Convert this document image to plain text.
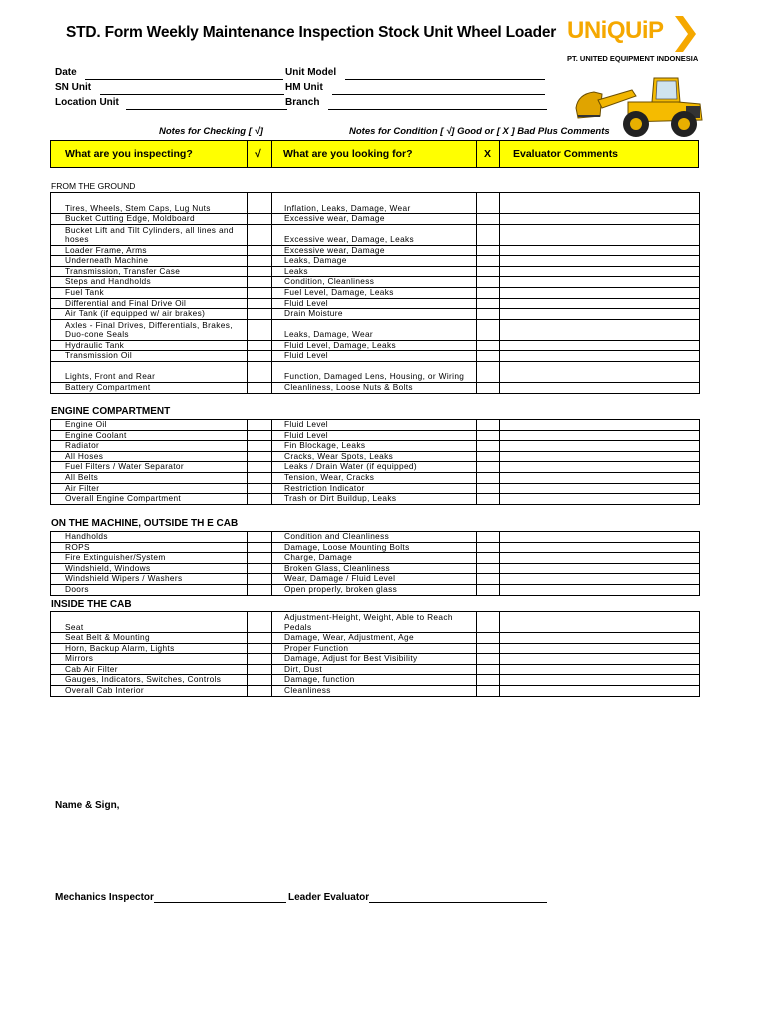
STD. Form Weekly Maintenance Inspection Stock Unit Wheel Loader UNiQUiP
PT. UNITED EQUIPMENT INDONESIA
Date
SN Unit
Location Unit
Unit Model
HM Unit
Branch
Notes for Checking [ √]	Notes for Condition [ √] Good or [ X ] Bad Plus Comments
What are you inspecting?	√	What are you looking for?	X	Evaluator Comments
FROM THE GROUND
ENGINE COMPARTMENT
ON THE MACHINE, OUTSIDE TH E CAB
INSIDE THE CAB
Tires, Wheels, Stem Caps, Lug Nuts		Inflation, Leaks, Damage, Wear		
Bucket Cutting Edge, Moldboard		Excessive wear, Damage		
Bucket Lift and Tilt Cylinders, all lines and hoses		Excessive wear, Damage, Leaks		
Loader Frame, Arms		Excessive wear, Damage		
Underneath Machine		Leaks, Damage		
Transmission, Transfer Case		Leaks		
Steps and Handholds		Condition, Cleanliness		
Fuel Tank		Fuel Level, Damage, Leaks		
Differential and Final Drive Oil		Fluid Level		
Air Tank (if equipped w/ air brakes)		Drain Moisture		
Axles - Final Drives, Differentials, Brakes, Duo-cone Seals		Leaks, Damage, Wear		
Hydraulic Tank		Fluid Level, Damage, Leaks		
Transmission Oil		Fluid Level		
Lights, Front and Rear		Function, Damaged Lens, Housing, or Wiring		
Battery Compartment		Cleanliness, Loose Nuts & Bolts		
Engine Oil		Fluid Level		
Engine Coolant		Fluid Level		
Radiator		Fin Blockage, Leaks		
All Hoses		Cracks, Wear Spots, Leaks		
Fuel Filters / Water Separator		Leaks / Drain Water (if equipped)		
All Belts		Tension, Wear, Cracks		
Air Filter		Restriction Indicator		
Overall Engine Compartment		Trash or Dirt Buildup, Leaks		
Handholds		Condition and Cleanliness		
ROPS		Damage, Loose Mounting Bolts		
Fire Extinguisher/System		Charge, Damage		
Windshield, Windows		Broken Glass, Cleanliness		
Windshield Wipers / Washers		Wear, Damage / Fluid Level		
Doors		Open properly, broken glass		
Seat		Adjustment-Height, Weight, Able to Reach Pedals		
Seat Belt & Mounting		Damage, Wear, Adjustment, Age		
Horn, Backup Alarm, Lights		Proper Function		
Mirrors		Damage, Adjust for Best Visibility		
Cab Air Filter		Dirt, Dust		
Gauges, Indicators, Switches, Controls		Damage, function		
Overall Cab Interior		Cleanliness		
Name & Sign,
Mechanics Inspector	Leader Evaluator
